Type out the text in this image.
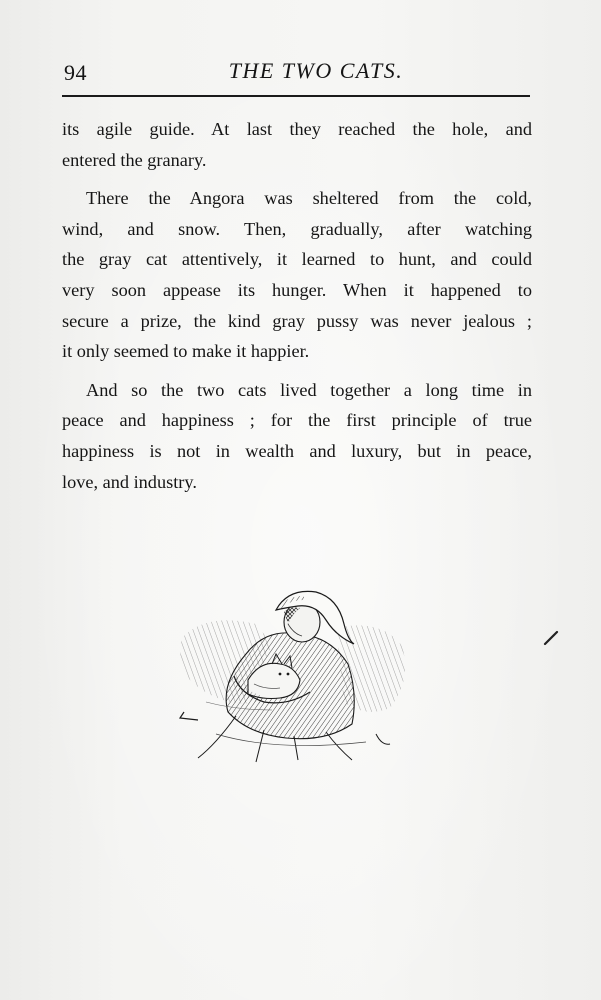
94	THE TWO CATS.

its agile guide. At last they reached the hole, and
entered the granary.

There the Angora was sheltered from the cold,
wind, and snow. Then, gradually, after watching
the gray cat attentively, it learned to hunt, and could
very soon appease its hunger. When it happened to
secure a prize, the kind gray pussy was never jealous ;
it only seemed to make it happier.

And so the two cats lived together a long time in
peace and happiness ; for the first principle of true
happiness is not in wealth and luxury, but in peace,
love, and industry.
